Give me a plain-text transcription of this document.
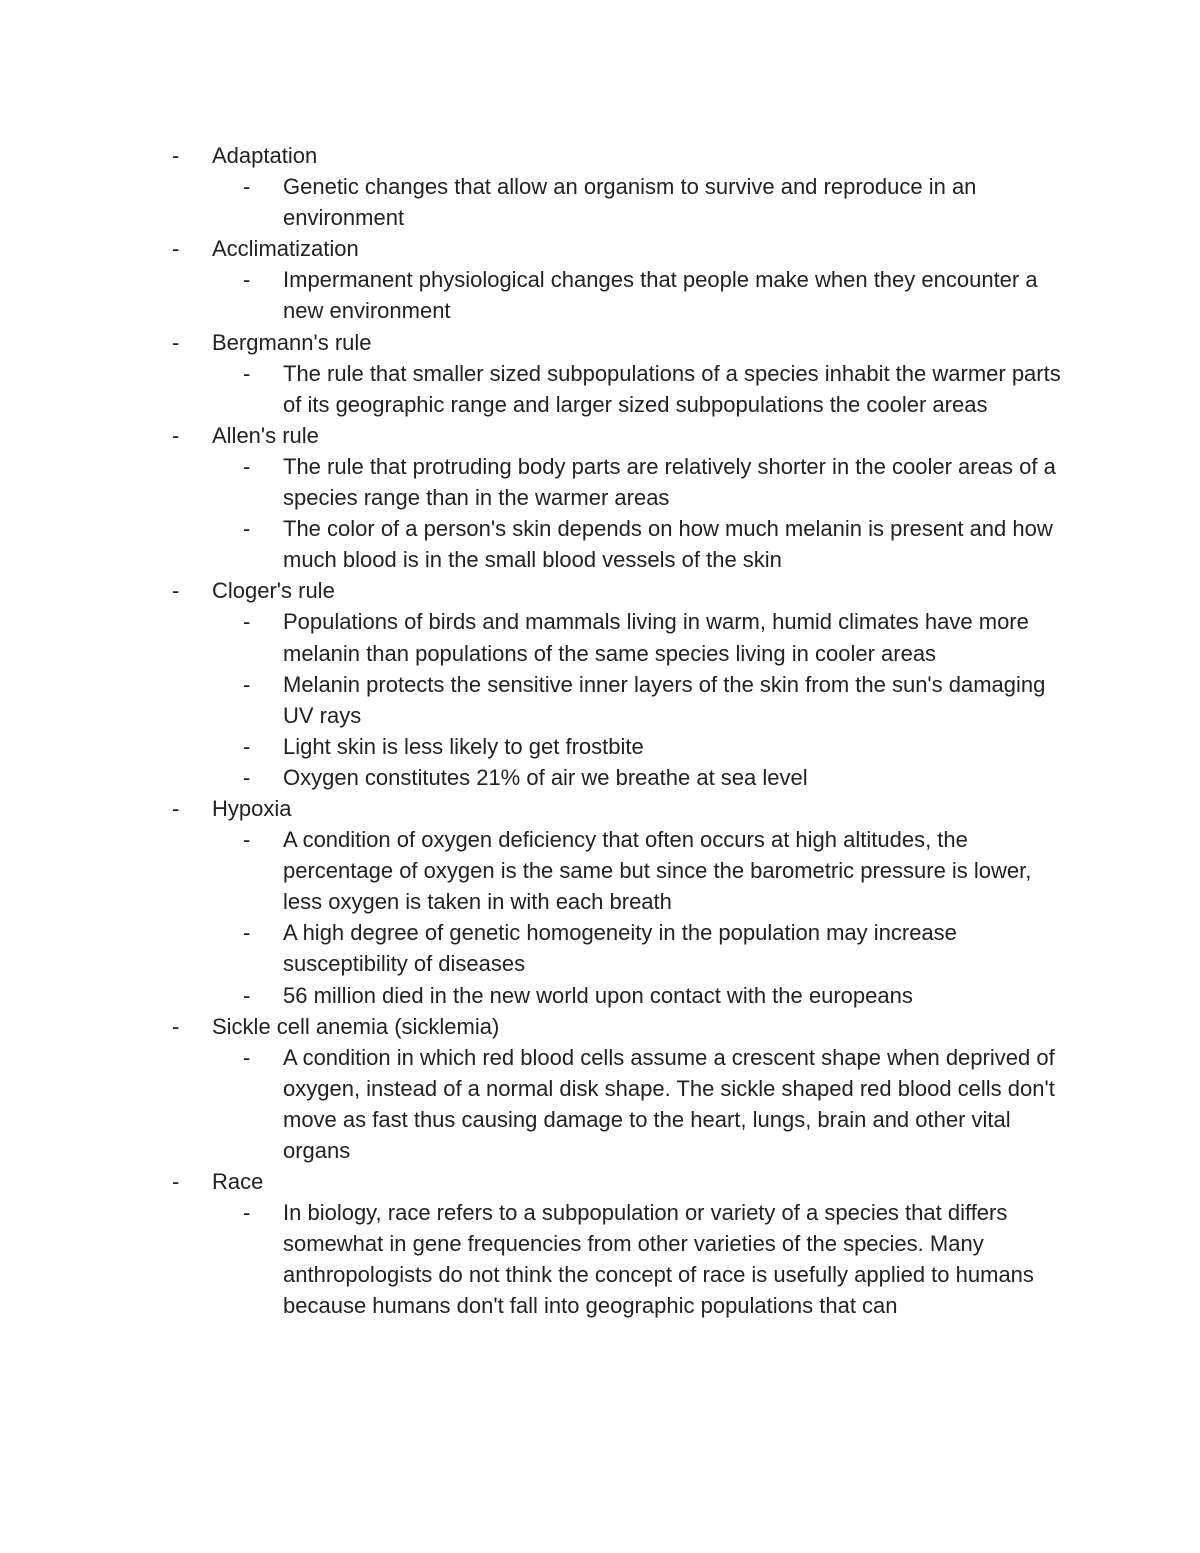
- Adaptation
- Genetic changes that allow an organism to survive and reproduce in an environment
- Acclimatization
- Impermanent physiological changes that people make when they encounter a new environment
- Bergmann's rule
- The rule that smaller sized subpopulations of a species inhabit the warmer parts of its geographic range and larger sized subpopulations the cooler areas
- Allen's rule
- The rule that protruding body parts are relatively shorter in the cooler areas of a species range than in the warmer areas
- The color of a person's skin depends on how much melanin is present and how much blood is in the small blood vessels of the skin
- Cloger's rule
- Populations of birds and mammals living in warm, humid climates have more melanin than populations of the same species living in cooler areas
- Melanin protects the sensitive inner layers of the skin from the sun's damaging UV rays
- Light skin is less likely to get frostbite
- Oxygen constitutes 21% of air we breathe at sea level
- Hypoxia
- A condition of oxygen deficiency that often occurs at high altitudes, the percentage of oxygen is the same but since the barometric pressure is lower, less oxygen is taken in with each breath
- A high degree of genetic homogeneity in the population may increase susceptibility of diseases
- 56 million died in the new world upon contact with the europeans
- Sickle cell anemia (sicklemia)
- A condition in which red blood cells assume a crescent shape when deprived of oxygen, instead of a normal disk shape. The sickle shaped red blood cells don't move as fast thus causing damage to the heart, lungs, brain and other vital organs
- Race
- In biology, race refers to a subpopulation or variety of a species that differs somewhat in gene frequencies from other varieties of the species. Many anthropologists do not think the concept of race is usefully applied to humans because humans don't fall into geographic populations that can
